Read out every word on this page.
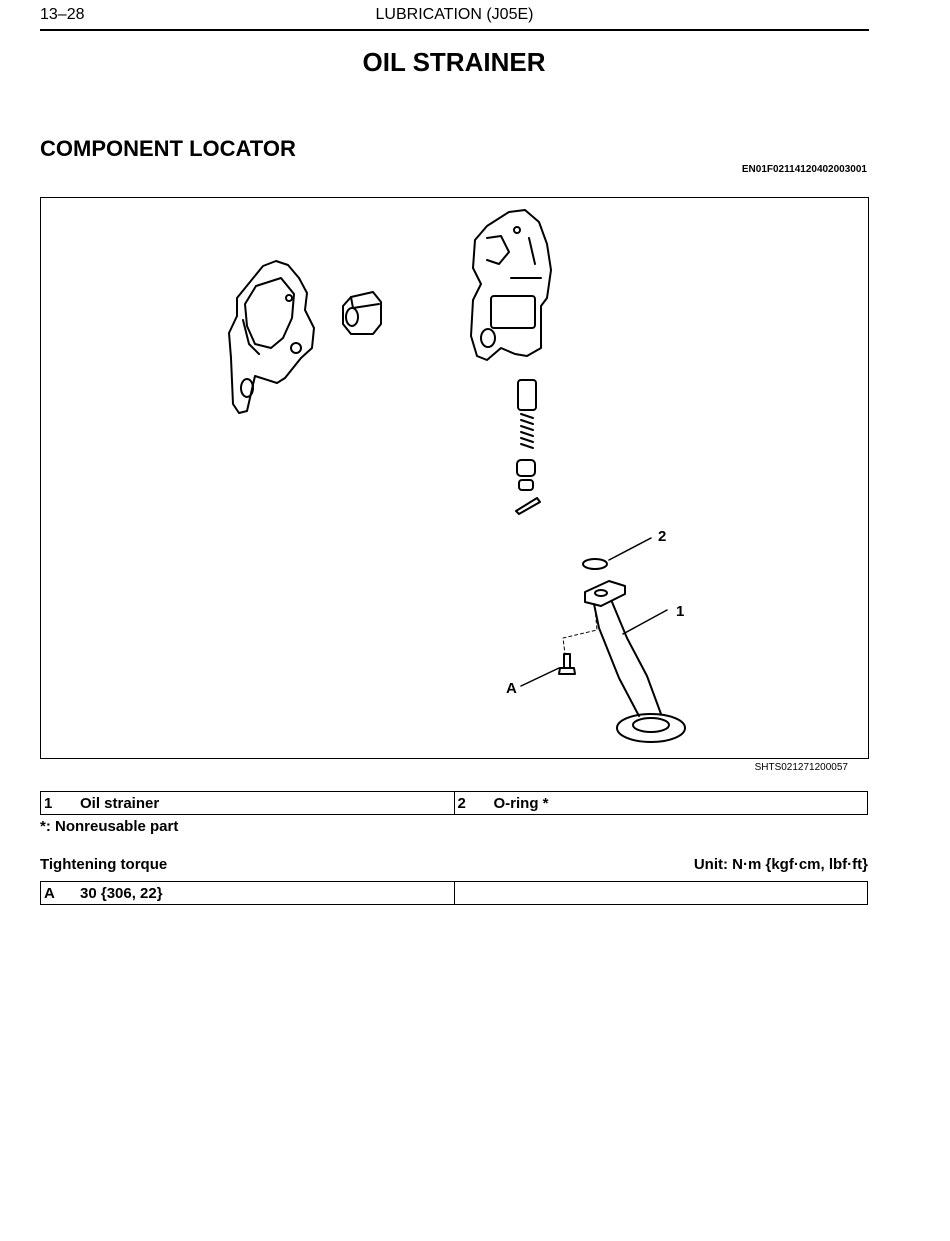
13–28	LUBRICATION (J05E)
OIL STRAINER
COMPONENT LOCATOR
EN01F02114120402003001
2
1
A
SHTS021271200057
1 Oil strainer	2 O-ring *
*: Nonreusable part
Tightening torque	Unit: N·m {kgf·cm, lbf·ft}
A 30 {306, 22}	
